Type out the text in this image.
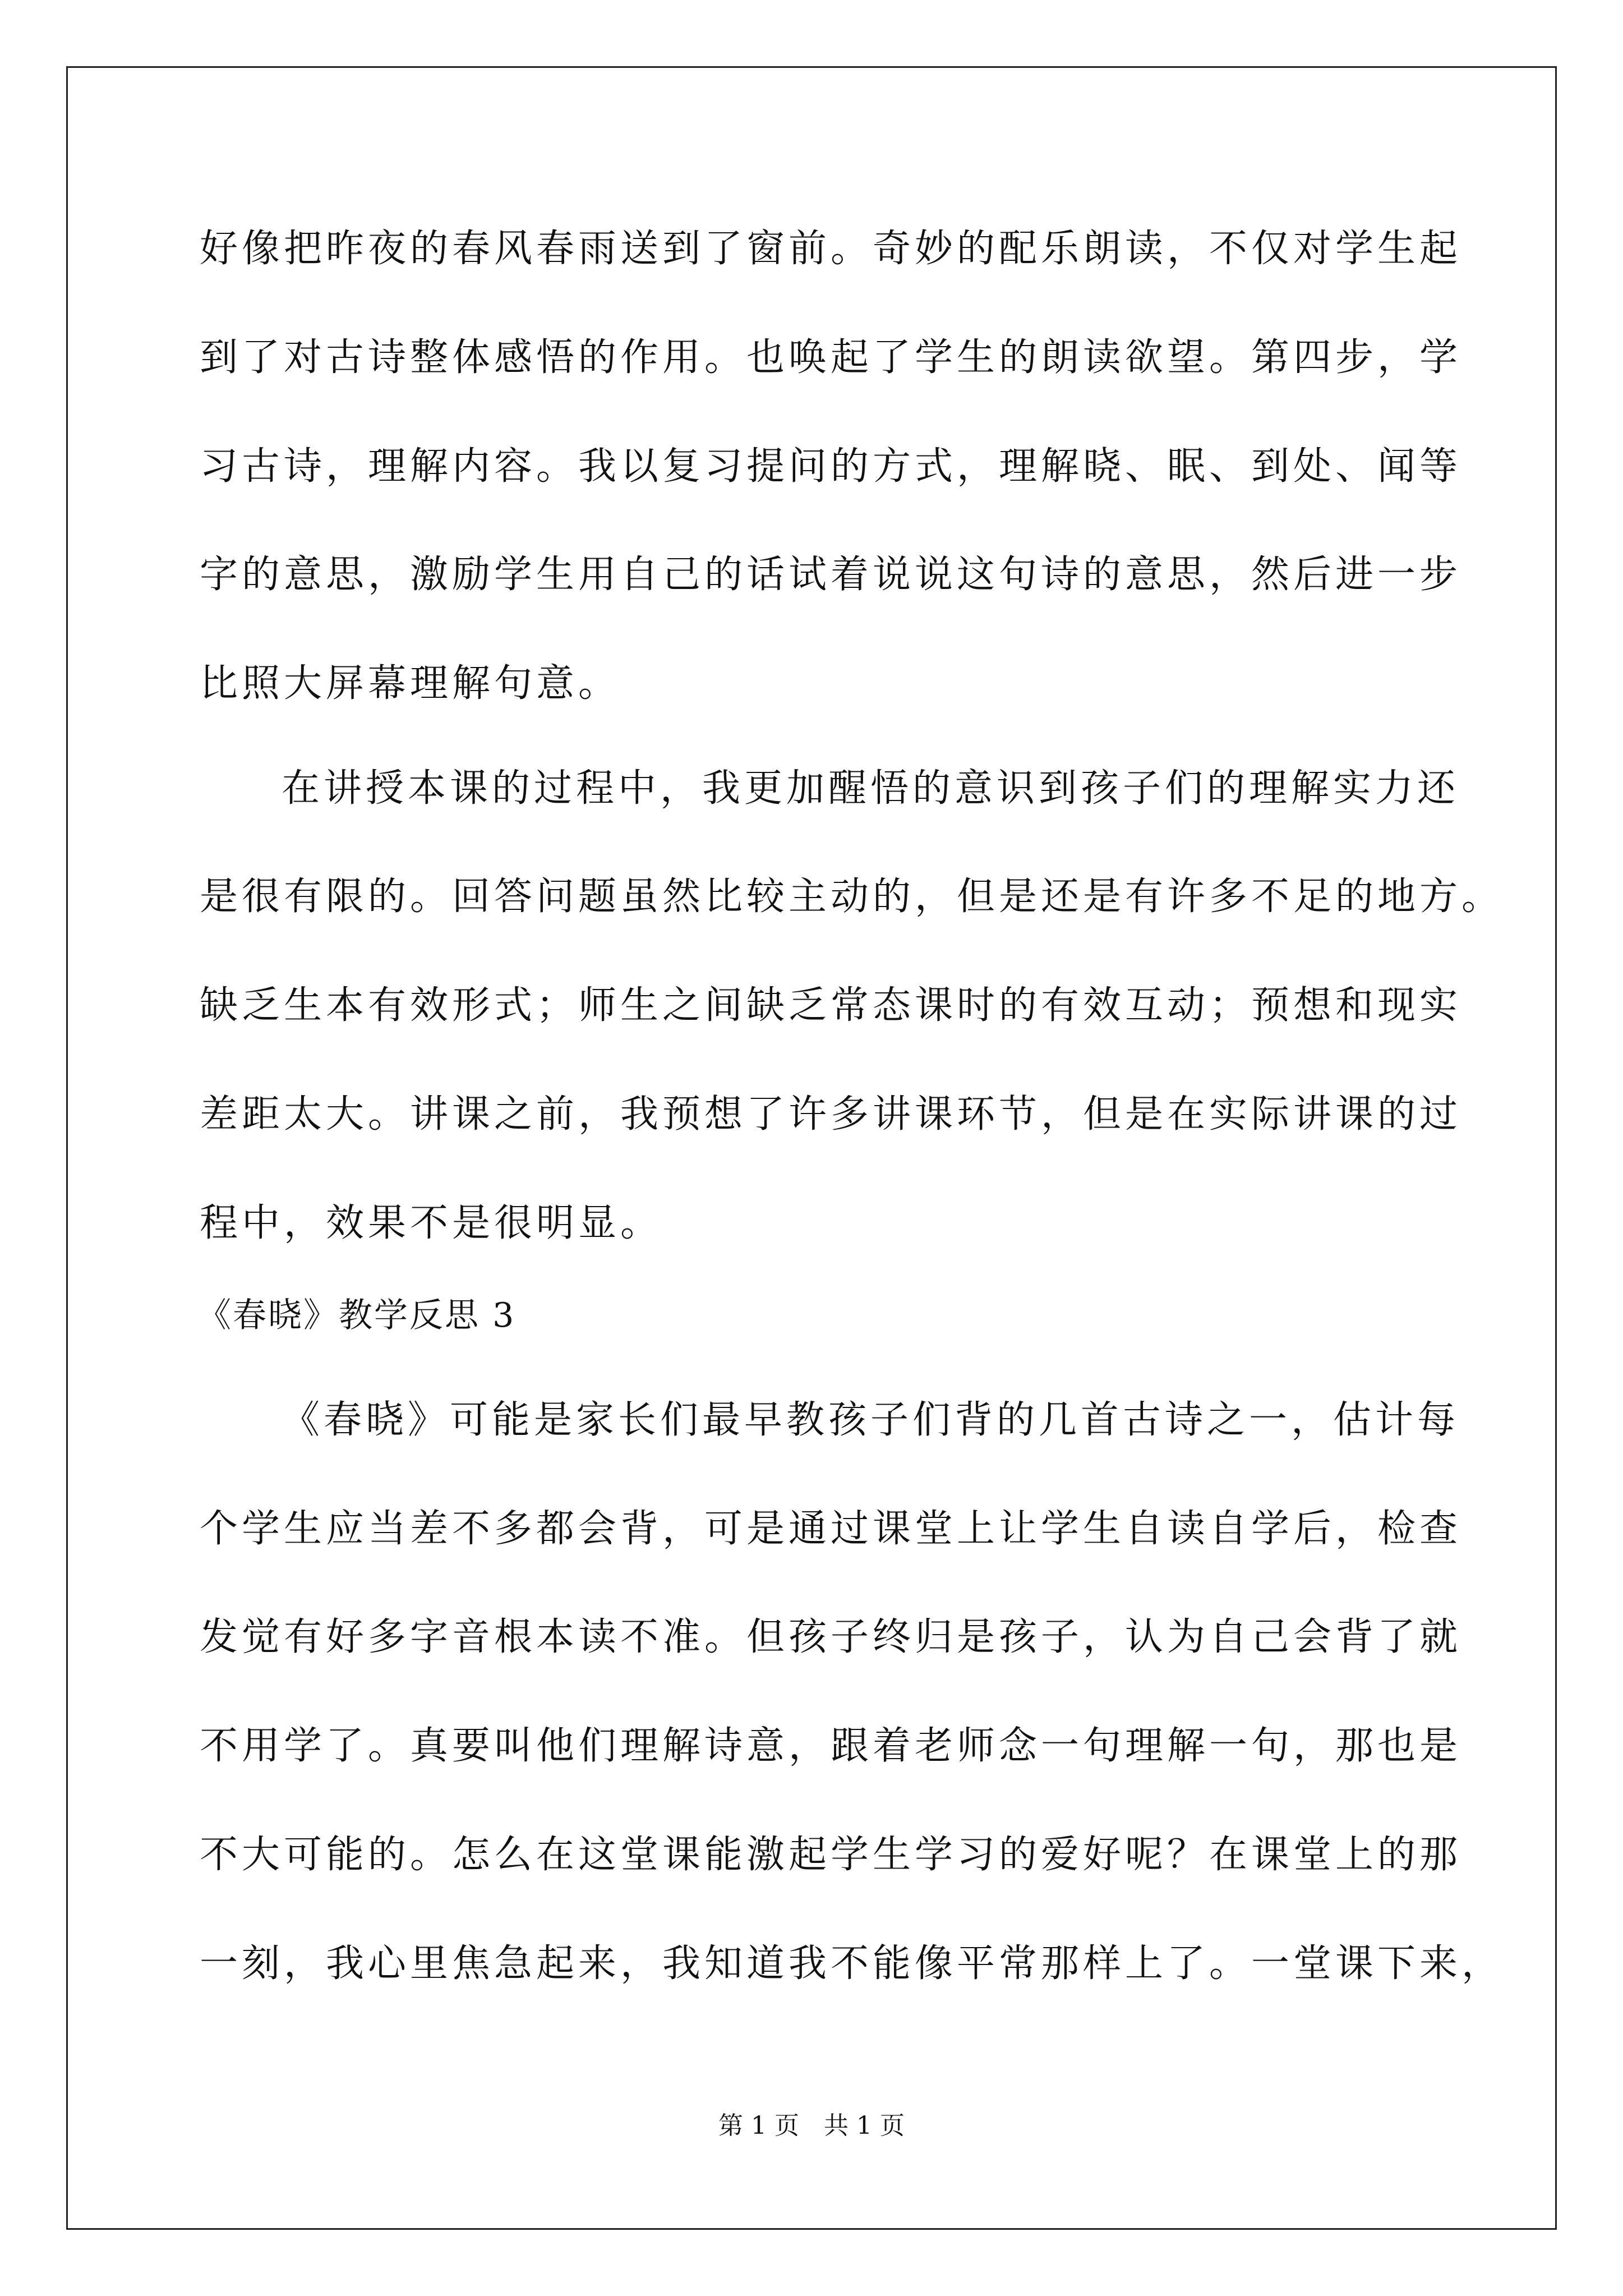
好像把昨夜的春风春雨送到了窗前。奇妙的配乐朗读，不仅对学生起
到了对古诗整体感悟的作用。也唤起了学生的朗读欲望。第四步，学
习古诗，理解内容。我以复习提问的方式，理解晓、眠、到处、闻等
字的意思，激励学生用自己的话试着说说这句诗的意思，然后进一步
比照大屏幕理解句意。
在讲授本课的过程中，我更加醒悟的意识到孩子们的理解实力还
是很有限的。回答问题虽然比较主动的，但是还是有许多不足的地方。
缺乏生本有效形式；师生之间缺乏常态课时的有效互动；预想和现实
差距太大。讲课之前，我预想了许多讲课环节，但是在实际讲课的过
程中，效果不是很明显。
《春晓》教学反思 3
《春晓》可能是家长们最早教孩子们背的几首古诗之一，估计每
个学生应当差不多都会背，可是通过课堂上让学生自读自学后，检查
发觉有好多字音根本读不准。但孩子终归是孩子，认为自己会背了就
不用学了。真要叫他们理解诗意，跟着老师念一句理解一句，那也是
不大可能的。怎么在这堂课能激起学生学习的爱好呢？在课堂上的那
一刻，我心里焦急起来，我知道我不能像平常那样上了。一堂课下来，
第 1 页　共 1 页
